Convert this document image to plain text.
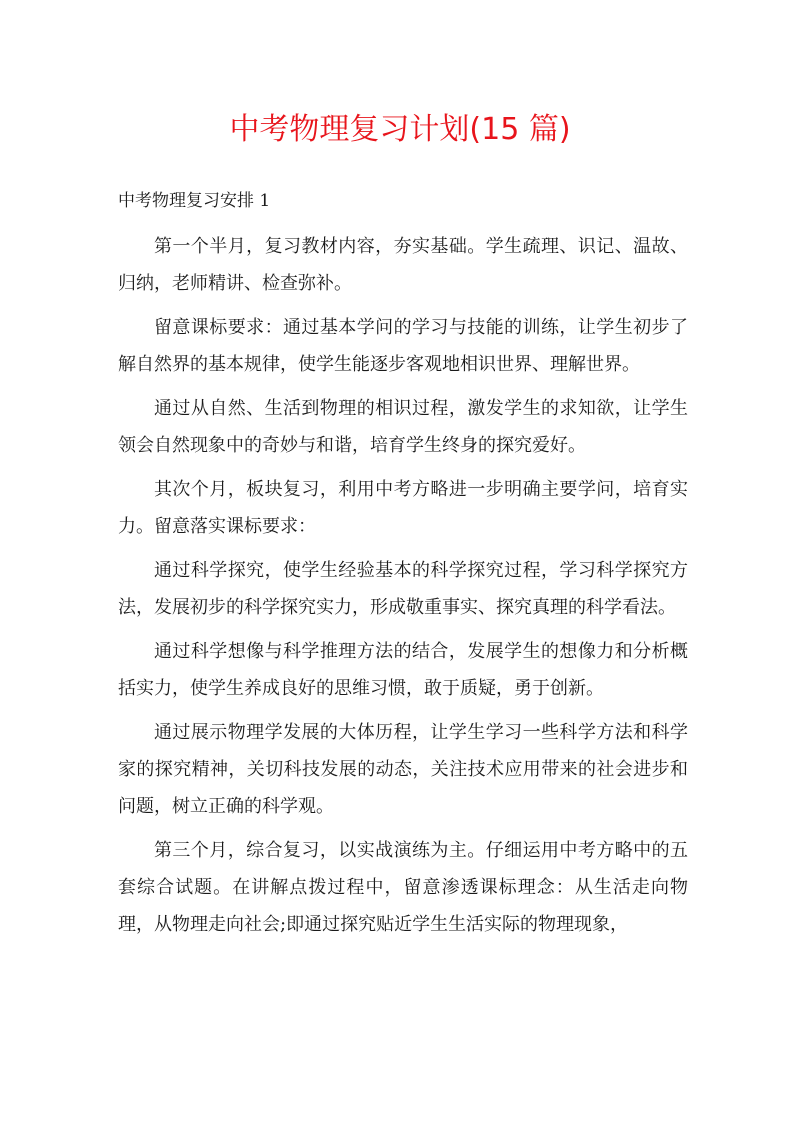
中考物理复习计划(15 篇)
中考物理复习安排 1

第一个半月，复习教材内容，夯实基础。学生疏理、识记、温故、归纳，老师精讲、检查弥补。

留意课标要求：通过基本学问的学习与技能的训练，让学生初步了解自然界的基本规律，使学生能逐步客观地相识世界、理解世界。

通过从自然、生活到物理的相识过程，激发学生的求知欲，让学生领会自然现象中的奇妙与和谐，培育学生终身的探究爱好。

其次个月，板块复习，利用中考方略进一步明确主要学问，培育实力。留意落实课标要求：

通过科学探究，使学生经验基本的科学探究过程，学习科学探究方法，发展初步的科学探究实力，形成敬重事实、探究真理的科学看法。

通过科学想像与科学推理方法的结合，发展学生的想像力和分析概括实力，使学生养成良好的思维习惯，敢于质疑，勇于创新。

通过展示物理学发展的大体历程，让学生学习一些科学方法和科学家的探究精神，关切科技发展的动态，关注技术应用带来的社会进步和问题，树立正确的科学观。

第三个月，综合复习，以实战演练为主。仔细运用中考方略中的五套综合试题。在讲解点拨过程中，留意渗透课标理念：从生活走向物理，从物理走向社会;即通过探究贴近学生生活实际的物理现象，
